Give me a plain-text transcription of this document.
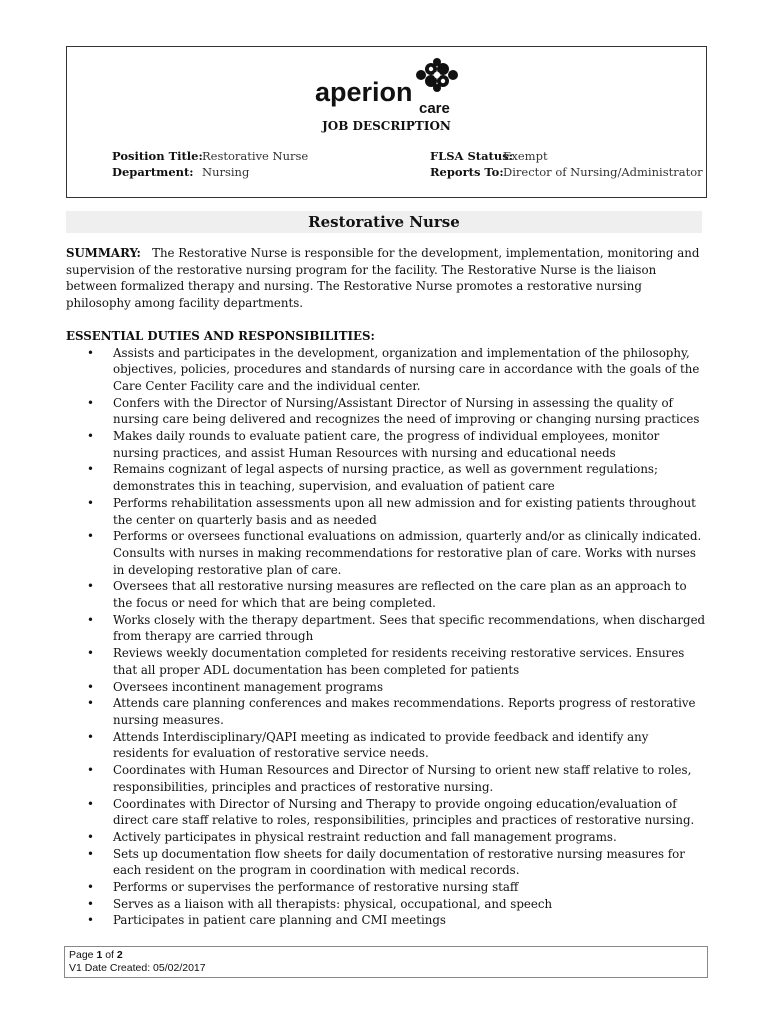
aperion
care
JOB DESCRIPTION
Position Title:Restorative Nurse
Department: Nursing
FLSA Status:Exempt
Reports To:Director of Nursing/Administrator
Restorative Nurse

SUMMARY: The Restorative Nurse is responsible for the development, implementation, monitoring and supervision of the restorative nursing program for the facility. The Restorative Nurse is the liaison between formalized therapy and nursing. The Restorative Nurse promotes a restorative nursing philosophy among facility departments.

ESSENTIAL DUTIES AND RESPONSIBILITIES:
• Assists and participates in the development, organization and implementation of the philosophy, objectives, policies, procedures and standards of nursing care in accordance with the goals of the Care Center Facility care and the individual center.
• Confers with the Director of Nursing/Assistant Director of Nursing in assessing the quality of nursing care being delivered and recognizes the need of improving or changing nursing practices
• Makes daily rounds to evaluate patient care, the progress of individual employees, monitor nursing practices, and assist Human Resources with nursing and educational needs
• Remains cognizant of legal aspects of nursing practice, as well as government regulations; demonstrates this in teaching, supervision, and evaluation of patient care
• Performs rehabilitation assessments upon all new admission and for existing patients throughout the center on quarterly basis and as needed
• Performs or oversees functional evaluations on admission, quarterly and/or as clinically indicated. Consults with nurses in making recommendations for restorative plan of care. Works with nurses in developing restorative plan of care.
• Oversees that all restorative nursing measures are reflected on the care plan as an approach to the focus or need for which that are being completed.
• Works closely with the therapy department. Sees that specific recommendations, when discharged from therapy are carried through
• Reviews weekly documentation completed for residents receiving restorative services. Ensures that all proper ADL documentation has been completed for patients
• Oversees incontinent management programs
• Attends care planning conferences and makes recommendations. Reports progress of restorative nursing measures.
• Attends Interdisciplinary/QAPI meeting as indicated to provide feedback and identify any residents for evaluation of restorative service needs.
• Coordinates with Human Resources and Director of Nursing to orient new staff relative to roles, responsibilities, principles and practices of restorative nursing.
• Coordinates with Director of Nursing and Therapy to provide ongoing education/evaluation of direct care staff relative to roles, responsibilities, principles and practices of restorative nursing.
• Actively participates in physical restraint reduction and fall management programs.
• Sets up documentation flow sheets for daily documentation of restorative nursing measures for each resident on the program in coordination with medical records.
• Performs or supervises the performance of restorative nursing staff
• Serves as a liaison with all therapists: physical, occupational, and speech
• Participates in patient care planning and CMI meetings
Page 1 of 2
V1 Date Created: 05/02/2017
